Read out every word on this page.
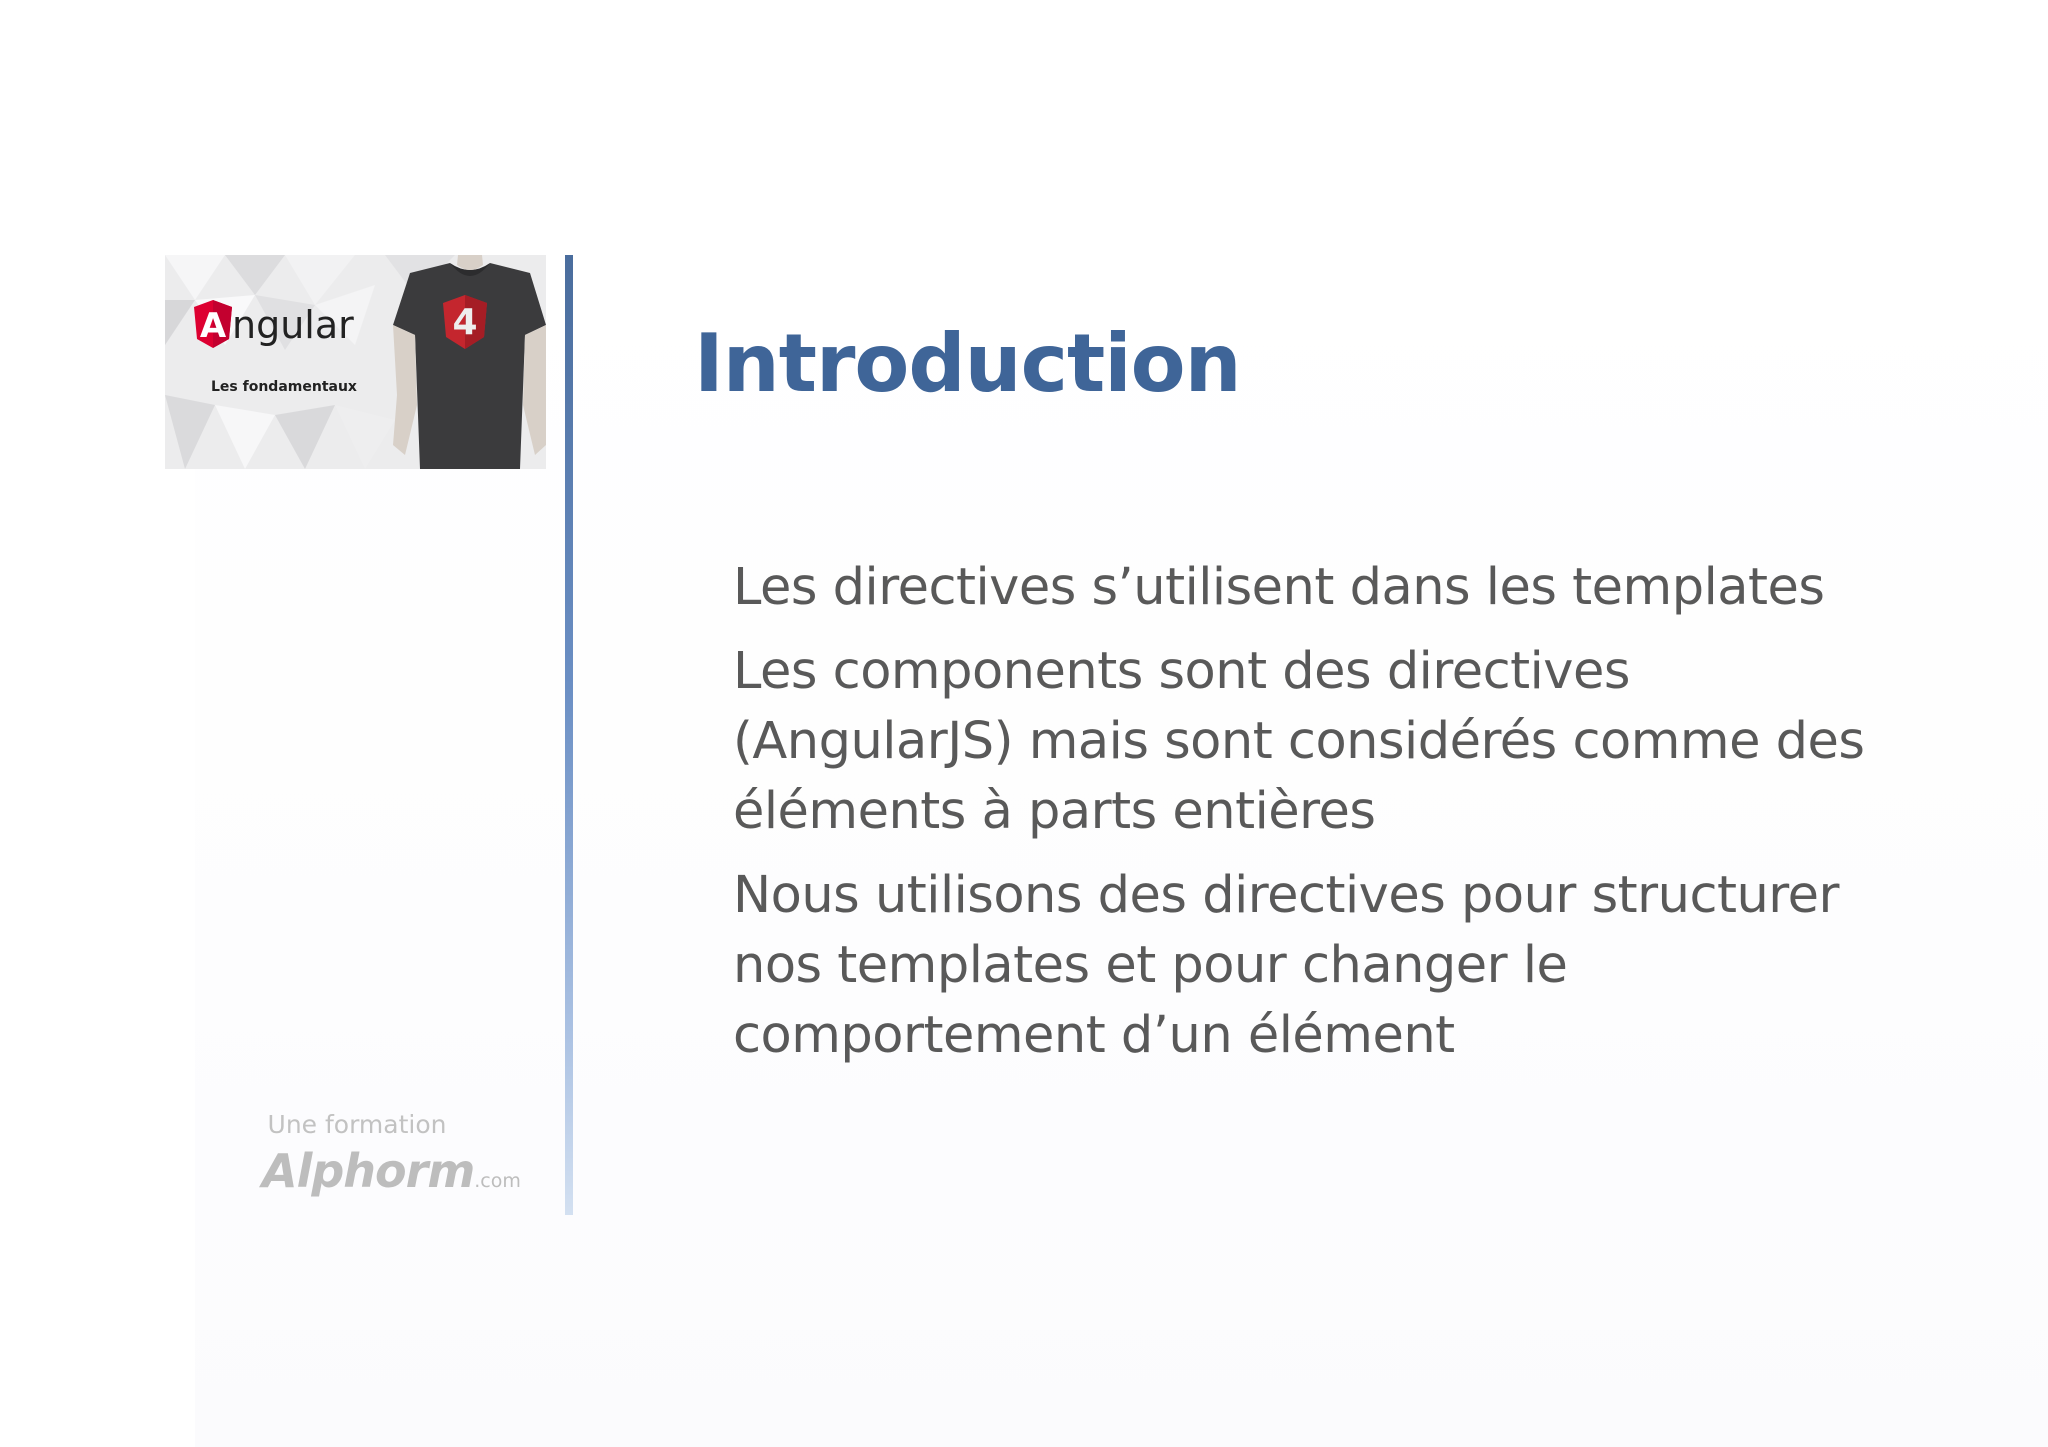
4
A ngular
Les fondamentaux	Introduction
Les directives s’utilisent dans les templates
Les components sont des directives (AngularJS) mais sont considérés comme des éléments à parts entières
Nous utilisons des directives pour structurer nos templates et pour changer le comportement d’un élément
Une formation
Alphorm.com
